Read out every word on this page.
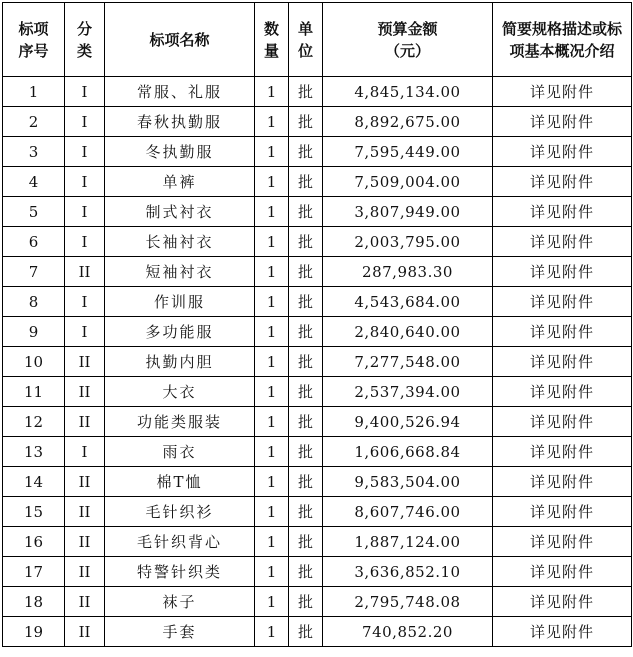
标项序号	分类	标项名称	数量	单位	预算金额（元）	简要规格描述或标项基本概况介绍
1	I	常服、礼服	1	批	4,845,134.00	详见附件
2	I	春秋执勤服	1	批	8,892,675.00	详见附件
3	I	冬执勤服	1	批	7,595,449.00	详见附件
4	I	单裤	1	批	7,509,004.00	详见附件
5	I	制式衬衣	1	批	3,807,949.00	详见附件
6	I	长袖衬衣	1	批	2,003,795.00	详见附件
7	II	短袖衬衣	1	批	287,983.30	详见附件
8	I	作训服	1	批	4,543,684.00	详见附件
9	I	多功能服	1	批	2,840,640.00	详见附件
10	II	执勤内胆	1	批	7,277,548.00	详见附件
11	II	大衣	1	批	2,537,394.00	详见附件
12	II	功能类服装	1	批	9,400,526.94	详见附件
13	I	雨衣	1	批	1,606,668.84	详见附件
14	II	棉T恤	1	批	9,583,504.00	详见附件
15	II	毛针织衫	1	批	8,607,746.00	详见附件
16	II	毛针织背心	1	批	1,887,124.00	详见附件
17	II	特警针织类	1	批	3,636,852.10	详见附件
18	II	袜子	1	批	2,795,748.08	详见附件
19	II	手套	1	批	740,852.20	详见附件
